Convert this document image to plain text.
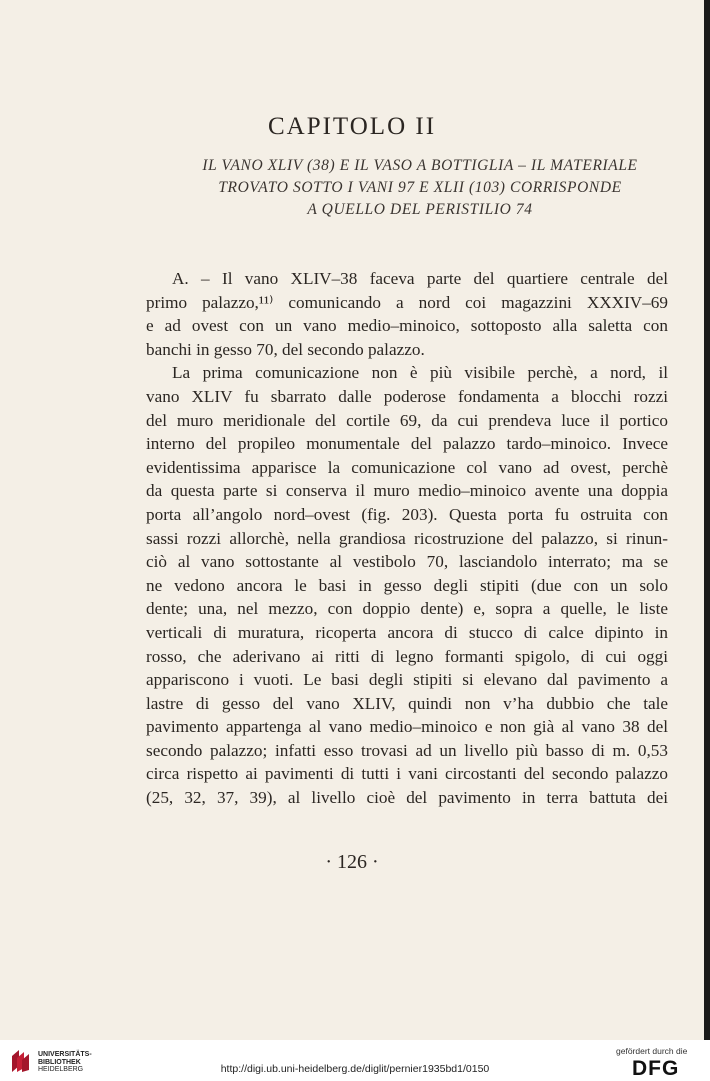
CAPITOLO II
IL VANO XLIV (38) E IL VASO A BOTTIGLIA – IL MATERIALE
TROVATO SOTTO I VANI 97 E XLII (103) CORRISPONDE
A QUELLO DEL PERISTILIO 74
A. – Il vano XLIV–38 faceva parte del quartiere centrale del
primo palazzo,¹¹⁾ comunicando a nord coi magazzini XXXIV–69
e ad ovest con un vano medio–minoico, sottoposto alla saletta con
banchi in gesso 70, del secondo palazzo.
La prima comunicazione non è più visibile perchè, a nord, il
vano XLIV fu sbarrato dalle poderose fondamenta a blocchi rozzi
del muro meridionale del cortile 69, da cui prendeva luce il portico
interno del propileo monumentale del palazzo tardo–minoico. Invece
evidentissima apparisce la comunicazione col vano ad ovest, perchè
da questa parte si conserva il muro medio–minoico avente una doppia
porta all’angolo nord–ovest (fig. 203). Questa porta fu ostruita con
sassi rozzi allorchè, nella grandiosa ricostruzione del palazzo, si rinun-
ciò al vano sottostante al vestibolo 70, lasciandolo interrato; ma se
ne vedono ancora le basi in gesso degli stipiti (due con un solo
dente; una, nel mezzo, con doppio dente) e, sopra a quelle, le liste
verticali di muratura, ricoperta ancora di stucco di calce dipinto in
rosso, che aderivano ai ritti di legno formanti spigolo, di cui oggi
appariscono i vuoti. Le basi degli stipiti si elevano dal pavimento a
lastre di gesso del vano XLIV, quindi non v’ha dubbio che tale
pavimento appartenga al vano medio–minoico e non già al vano 38 del
secondo palazzo; infatti esso trovasi ad un livello più basso di m. 0,53
circa rispetto ai pavimenti di tutti i vani circostanti del secondo palazzo
(25, 32, 37, 39), al livello cioè del pavimento in terra battuta dei
· 126 ·
UNIVERSITÄTS-
BIBLIOTHEK
HEIDELBERG	http://digi.ub.uni-heidelberg.de/diglit/pernier1935bd1/0150
gefördert durch die
DFG
